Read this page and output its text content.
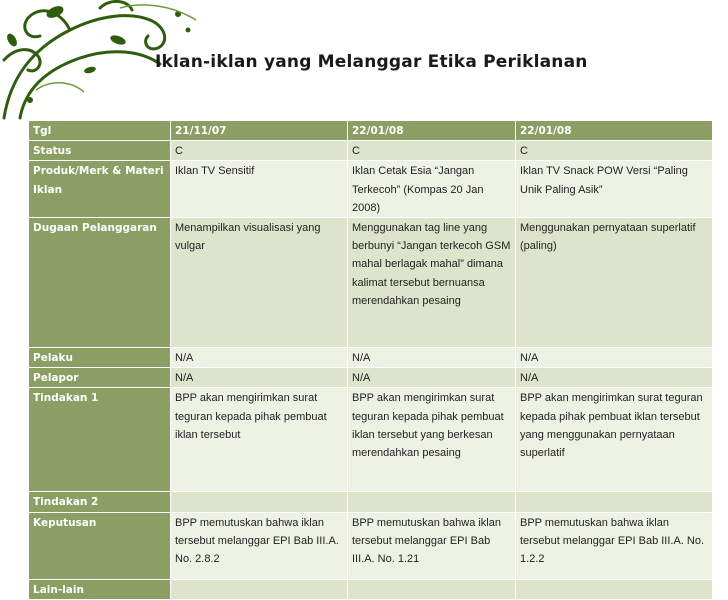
Iklan-iklan yang Melanggar Etika Periklanan
Tgl	21/11/07	22/01/08	22/01/08
Status	C	C	C
Produk/Merk & Materi Iklan	Iklan TV Sensitif	Iklan Cetak Esia “Jangan Terkecoh” (Kompas 20 Jan 2008)	Iklan TV Snack POW Versi “Paling Unik Paling Asik”
Dugaan Pelanggaran	Menampilkan visualisasi yang vulgar	Menggunakan tag line yang berbunyi “Jangan terkecoh GSM mahal berlagak mahal” dimana kalimat tersebut bernuansa merendahkan pesaing	Menggunakan pernyataan superlatif (paling)
Pelaku	N/A	N/A	N/A
Pelapor	N/A	N/A	N/A
Tindakan 1	BPP akan mengirimkan surat teguran kepada pihak pembuat iklan tersebut	BPP akan mengirimkan surat teguran kepada pihak pembuat iklan tersebut yang berkesan merendahkan pesaing	BPP akan mengirimkan surat teguran kepada pihak pembuat iklan tersebut yang menggunakan pernyataan superlatif
Tindakan 2			
Keputusan	BPP memutuskan bahwa iklan tersebut melanggar EPI Bab III.A. No. 2.8.2	BPP memutuskan bahwa iklan tersebut melanggar EPI Bab III.A. No. 1.21	BPP memutuskan bahwa iklan tersebut melanggar EPI Bab III.A. No. 1.2.2
Lain-lain			
